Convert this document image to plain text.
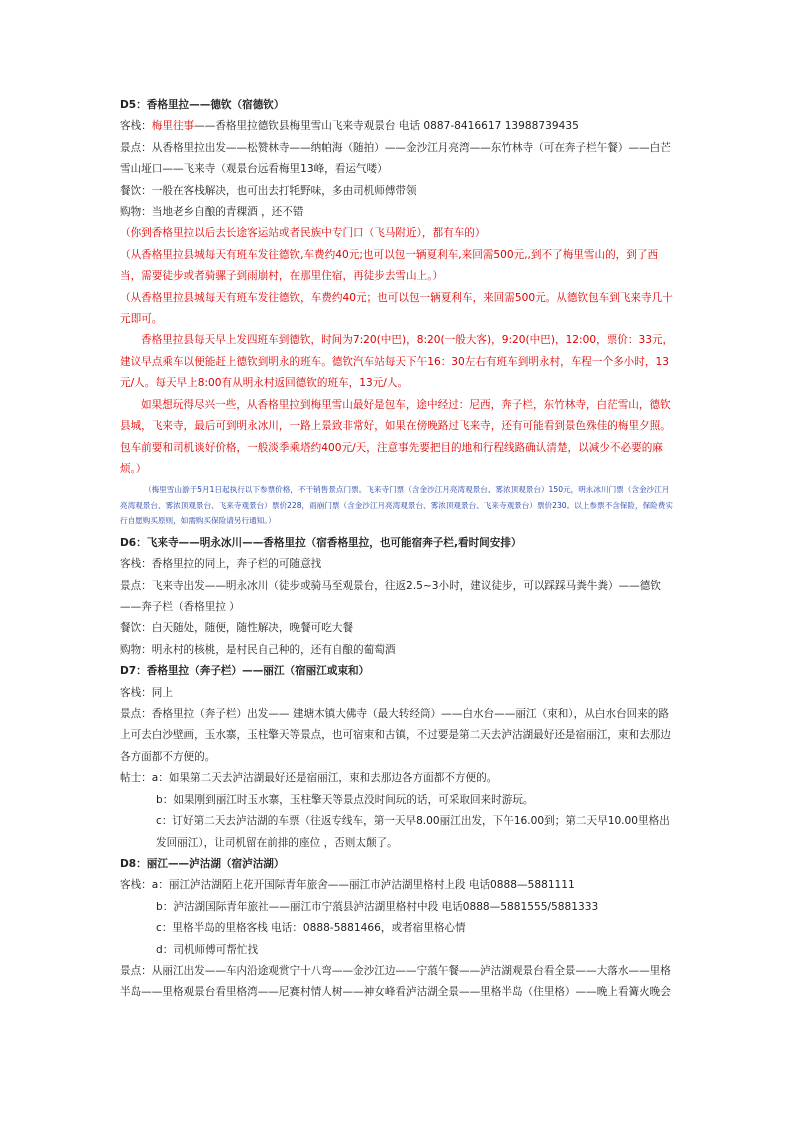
D5：香格里拉——德钦（宿德钦）

客栈：梅里往事——香格里拉德钦县梅里雪山飞来寺观景台 电话 0887-8416617 13988739435

景点：从香格里拉出发——松赞林寺——纳帕海（随拍）——金沙江月亮湾——东竹林寺（可在奔子栏午餐）——白芒雪山垭口——飞来寺（观景台远看梅里13峰，看运气喽）

餐饮：一般在客栈解决，也可出去打牦野味，多由司机师傅带领

购物：当地老乡自酿的青稞酒 ，还不错

（你到香格里拉以后去长途客运站或者民族中专门口（飞马附近），都有车的）

（从香格里拉县城每天有班车发往德钦,车费约40元;也可以包一辆夏利车,来回需500元,,到不了梅里雪山的，到了西当，需要徒步或者骑骡子到雨崩村，在那里住宿，再徒步去雪山上。）

（从香格里拉县城每天有班车发往德钦，车费约40元；也可以包一辆夏利车，来回需500元。从德钦包车到飞来寺几十元即可。

香格里拉县每天早上发四班车到德钦，时间为7:20(中巴)，8:20(一般大客)，9:20(中巴)，12:00，票价：33元，建议早点乘车以便能赶上德钦到明永的班车。德钦汽车站每天下午16：30左右有班车到明永村，车程一个多小时，13元/人。每天早上8:00有从明永村返回德钦的班车，13元/人。

如果想玩得尽兴一些，从香格里拉到梅里雪山最好是包车，途中经过：尼西，奔子栏，东竹林寺，白茫雪山，德钦县城，飞来寺，最后可到明永冰川，一路上景致非常好，如果在傍晚路过飞来寺，还有可能看到景色殊佳的梅里夕照。包车前要和司机谈好价格，一般淡季乘塔约400元/天，注意事先要把目的地和行程线路确认清楚，以减少不必要的麻烦。）

（梅里雪山游于5月1日起执行以下参票价格，不干销售景点门票。飞来寺门票（含金沙江月亮湾观景台、雾浓顶观景台）150元，明永冰川门票（含金沙江月亮湾观景台、雾浓顶观景台、飞来寺观景台）票价228，雨崩门票（含金沙江月亮湾观景台、雾浓顶观景台、飞来寺观景台）票价230。以上参票不含保险，保险费实行自愿购买原则，如需购买保险请另行通知。）

D6：飞来寺——明永冰川——香格里拉（宿香格里拉，也可能宿奔子栏,看时间安排）

客栈：香格里拉的同上，奔子栏的可随意找

景点：飞来寺出发——明永冰川（徒步或骑马至观景台，往返2.5~3小时，建议徒步，可以踩踩马粪牛粪）——德钦——奔子栏（香格里拉 ）

餐饮：白天随处，随便，随性解决，晚餐可吃大餐

购物：明永村的核桃，是村民自己种的，还有自酿的葡萄酒

D7：香格里拉（奔子栏）——丽江（宿丽江或束和）

客栈：同上

景点：香格里拉（奔子栏）出发—— 建塘木镇大佛寺（最大转经筒）——白水台——丽江（束和），从白水台回来的路上可去白沙壁画，玉水寨，玉柱擎天等景点，也可宿束和古镇，不过要是第二天去泸沽湖最好还是宿丽江，束和去那边各方面都不方便的。

帖士：a：如果第二天去泸沽湖最好还是宿丽江，束和去那边各方面都不方便的。

b：如果刚到丽江时玉水寨，玉柱擎天等景点没时间玩的话，可采取回来时游玩。

c：订好第二天去泸沽湖的车票（往返专线车，第一天早8.00丽江出发，下午16.00到；第二天早10.00里格出发回丽江），让司机留在前排的座位 ，否则太颠了。

D8：丽江——泸沽湖（宿泸沽湖）

客栈：a：丽江泸沽湖陌上花开国际青年旅舍——丽江市泸沽湖里格村上段 电话0888—5881111

b：泸沽湖国际青年旅社——丽江市宁蒗县泸沽湖里格村中段 电话0888—5881555/5881333

c：里格半岛的里格客栈 电话：0888-5881466，或者宿里格心情

d：司机师傅可帮忙找

景点：从丽江出发——车内沿途观赏宁十八弯——金沙江边——宁蒗午餐——泸沽湖观景台看全景——大落水——里格半岛——里格观景台看里格湾——尼赛村情人树——神女峰看泸沽湖全景——里格半岛（住里格）——晚上看篝火晚会
